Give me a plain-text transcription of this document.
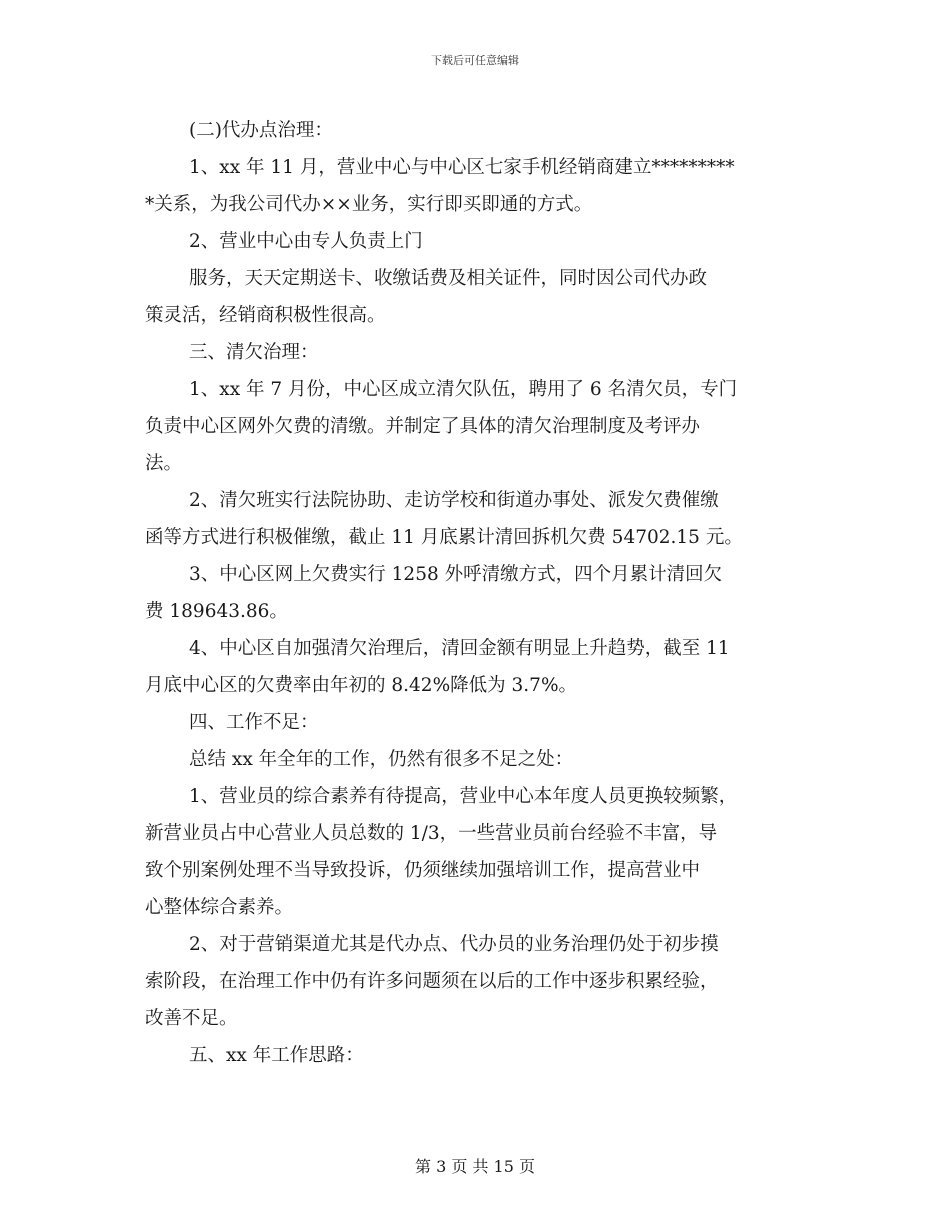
下载后可任意编辑
(二)代办点治理：
1、xx 年 11 月，营业中心与中心区七家手机经销商建立*********
*关系，为我公司代办××业务，实行即买即通的方式。
2、营业中心由专人负责上门
服务，天天定期送卡、收缴话费及相关证件，同时因公司代办政
策灵活，经销商积极性很高。
三、清欠治理：
1、xx 年 7 月份，中心区成立清欠队伍，聘用了 6 名清欠员，专门
负责中心区网外欠费的清缴。并制定了具体的清欠治理制度及考评办
法。
2、清欠班实行法院协助、走访学校和街道办事处、派发欠费催缴
函等方式进行积极催缴，截止 11 月底累计清回拆机欠费 54702.15 元。
3、中心区网上欠费实行 1258 外呼清缴方式，四个月累计清回欠
费 189643.86。
4、中心区自加强清欠治理后，清回金额有明显上升趋势，截至 11
月底中心区的欠费率由年初的 8.42%降低为 3.7%。
四、工作不足：
总结 xx 年全年的工作，仍然有很多不足之处：
1、营业员的综合素养有待提高，营业中心本年度人员更换较频繁，
新营业员占中心营业人员总数的 1/3，一些营业员前台经验不丰富，导
致个别案例处理不当导致投诉，仍须继续加强培训工作，提高营业中
心整体综合素养。
2、对于营销渠道尤其是代办点、代办员的业务治理仍处于初步摸
索阶段，在治理工作中仍有许多问题须在以后的工作中逐步积累经验，
改善不足。
五、xx 年工作思路：
第 3 页 共 15 页
